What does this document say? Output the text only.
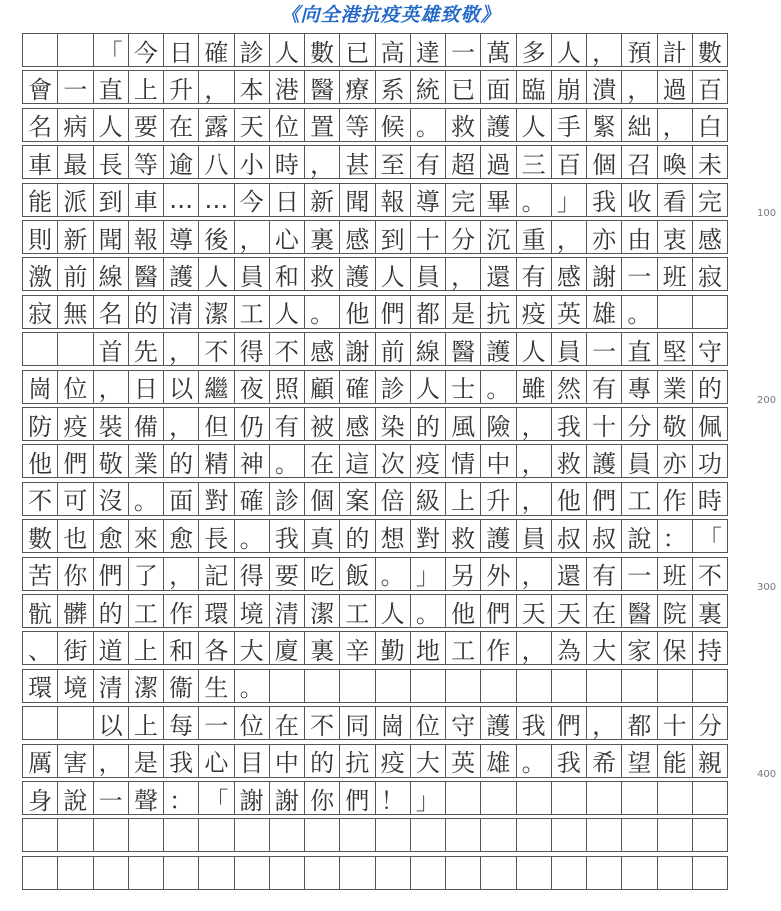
《向全港抗疫英雄致敬》
「 今 日 確 診 人 數 已 高 達 一 萬 多 人 ， 預 計 數
會 一 直 上 升 ， 本 港 醫 療 系 統 已 面 臨 崩 潰 ， 過 百
名 病 人 要 在 露 天 位 置 等 候 。 救 護 人 手 緊 絀 ， 白
車 最 長 等 逾 八 小 時 ， 甚 至 有 超 過 三 百 個 召 喚 未
能 派 到 車 … … 今 日 新 聞 報 導 完 畢 。 」 我 收 看 完
則 新 聞 報 導 後 ， 心 裏 感 到 十 分 沉 重 ， 亦 由 衷 感
激 前 線 醫 護 人 員 和 救 護 人 員 ， 還 有 感 謝 一 班 寂
寂 無 名 的 清 潔 工 人 。 他 們 都 是 抗 疫 英 雄 。
首 先 ， 不 得 不 感 謝 前 線 醫 護 人 員 一 直 堅 守
崗 位 ， 日 以 繼 夜 照 顧 確 診 人 士 。 雖 然 有 專 業 的
防 疫 裝 備 ， 但 仍 有 被 感 染 的 風 險 ， 我 十 分 敬 佩
他 們 敬 業 的 精 神 。 在 這 次 疫 情 中 ， 救 護 員 亦 功
不 可 沒 。 面 對 確 診 個 案 倍 級 上 升 ， 他 們 工 作 時
數 也 愈 來 愈 長 。 我 真 的 想 對 救 護 員 叔 叔 說 ： 「
苦 你 們 了 ， 記 得 要 吃 飯 。 」 另 外 ， 還 有 一 班 不
骯 髒 的 工 作 環 境 清 潔 工 人 。 他 們 天 天 在 醫 院 裏
、 街 道 上 和 各 大 廈 裏 辛 勤 地 工 作 ， 為 大 家 保 持
環 境 清 潔 衞 生 。
以 上 每 一 位 在 不 同 崗 位 守 護 我 們 ， 都 十 分
厲 害 ， 是 我 心 目 中 的 抗 疫 大 英 雄 。 我 希 望 能 親
身 說 一 聲 ： 「 謝 謝 你 們 ！ 」
100
200
300
400
